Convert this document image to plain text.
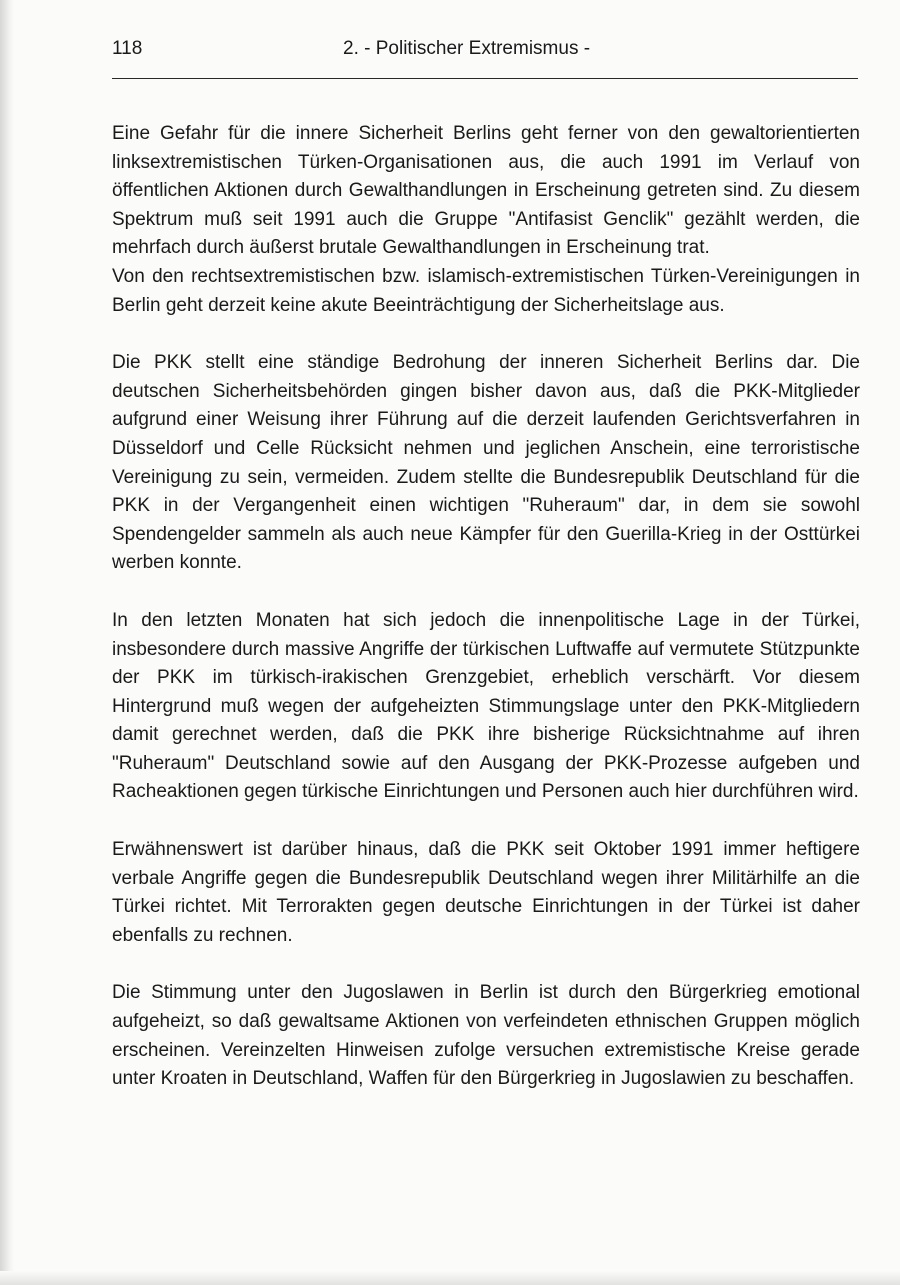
118	2. - Politischer Extremismus -

Eine Gefahr für die innere Sicherheit Berlins geht ferner von den gewaltorientierten linksextremistischen Türken-Organisationen aus, die auch 1991 im Verlauf von öffentlichen Aktionen durch Gewalthandlungen in Erscheinung getreten sind. Zu diesem Spektrum muß seit 1991 auch die Gruppe "Antifasist Genclik" gezählt werden, die mehrfach durch äußerst brutale Gewalthandlungen in Erscheinung trat.

Von den rechtsextremistischen bzw. islamisch-extremistischen Türken-Vereinigungen in Berlin geht derzeit keine akute Beeinträchtigung der Sicherheitslage aus.

Die PKK stellt eine ständige Bedrohung der inneren Sicherheit Berlins dar. Die deutschen Sicherheitsbehörden gingen bisher davon aus, daß die PKK-Mitglieder aufgrund einer Weisung ihrer Führung auf die derzeit laufenden Gerichtsverfahren in Düsseldorf und Celle Rücksicht nehmen und jeglichen Anschein, eine terroristische Vereinigung zu sein, vermeiden. Zudem stellte die Bundesrepublik Deutschland für die PKK in der Vergangenheit einen wichtigen "Ruheraum" dar, in dem sie sowohl Spendengelder sammeln als auch neue Kämpfer für den Guerilla-Krieg in der Osttürkei werben konnte.

In den letzten Monaten hat sich jedoch die innenpolitische Lage in der Türkei, insbesondere durch massive Angriffe der türkischen Luftwaffe auf vermutete Stützpunkte der PKK im türkisch-irakischen Grenzgebiet, erheblich verschärft. Vor diesem Hintergrund muß wegen der aufgeheizten Stimmungslage unter den PKK-Mitgliedern damit gerechnet werden, daß die PKK ihre bisherige Rücksichtnahme auf ihren "Ruheraum" Deutschland sowie auf den Ausgang der PKK-Prozesse aufgeben und Racheaktionen gegen türkische Einrichtungen und Personen auch hier durchführen wird.

Erwähnenswert ist darüber hinaus, daß die PKK seit Oktober 1991 immer heftigere verbale Angriffe gegen die Bundesrepublik Deutschland wegen ihrer Militärhilfe an die Türkei richtet. Mit Terrorakten gegen deutsche Einrichtungen in der Türkei ist daher ebenfalls zu rechnen.

Die Stimmung unter den Jugoslawen in Berlin ist durch den Bürgerkrieg emotional aufgeheizt, so daß gewaltsame Aktionen von verfeindeten ethnischen Gruppen möglich erscheinen. Vereinzelten Hinweisen zufolge versuchen extremistische Kreise gerade unter Kroaten in Deutschland, Waffen für den Bürgerkrieg in Jugoslawien zu beschaffen.
